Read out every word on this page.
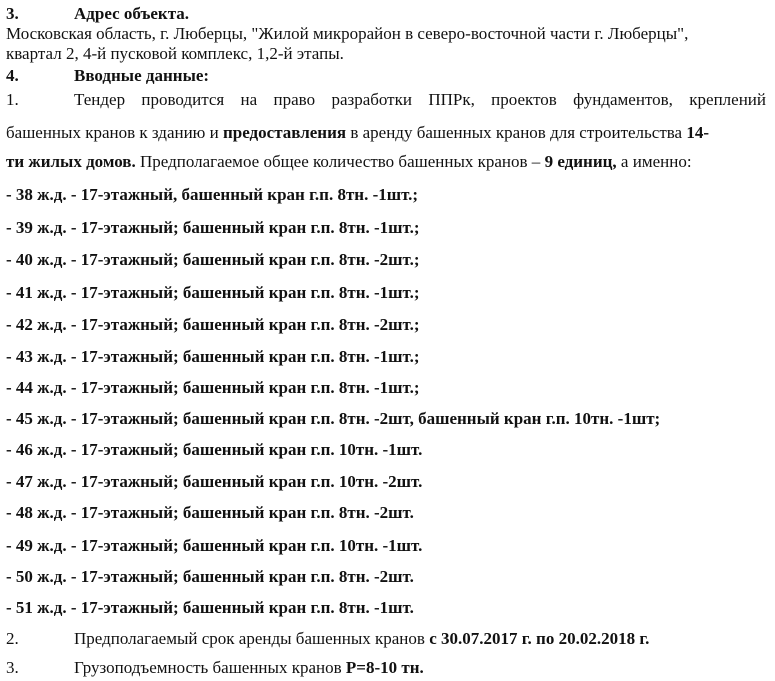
3.	Адрес объекта.
Московская область, г. Люберцы, "Жилой микрорайон в северо-восточной части г. Люберцы",
квартал 2, 4-й пусковой комплекс, 1,2-й этапы.
4.	Вводные данные:
1.	Тендер проводится на право разработки ППРк, проектов фундаментов, креплений
башенных кранов к зданию и предоставления в аренду башенных кранов для строительства 14-
ти жилых домов. Предполагаемое общее количество башенных кранов – 9 единиц, а именно:
- 38 ж.д. - 17-этажный, башенный кран г.п. 8тн. -1шт.;
- 39 ж.д. - 17-этажный; башенный кран г.п. 8тн. -1шт.;
- 40 ж.д. - 17-этажный; башенный кран г.п. 8тн. -2шт.;
- 41 ж.д. - 17-этажный; башенный кран г.п. 8тн. -1шт.;
- 42 ж.д. - 17-этажный; башенный кран г.п. 8тн. -2шт.;
- 43 ж.д. - 17-этажный; башенный кран г.п. 8тн. -1шт.;
- 44 ж.д. - 17-этажный; башенный кран г.п. 8тн. -1шт.;
- 45 ж.д. - 17-этажный; башенный кран г.п. 8тн. -2шт, башенный кран г.п. 10тн. -1шт;
- 46 ж.д. - 17-этажный; башенный кран г.п. 10тн. -1шт.
- 47 ж.д. - 17-этажный; башенный кран г.п. 10тн. -2шт.
- 48 ж.д. - 17-этажный; башенный кран г.п. 8тн. -2шт.
- 49 ж.д. - 17-этажный; башенный кран г.п. 10тн. -1шт.
- 50 ж.д. - 17-этажный; башенный кран г.п. 8тн. -2шт.
- 51 ж.д. - 17-этажный; башенный кран г.п. 8тн. -1шт.
2.	Предполагаемый срок аренды башенных кранов с 30.07.2017 г. по 20.02.2018 г.
3.	Грузоподъемность башенных кранов P=8-10 тн.
